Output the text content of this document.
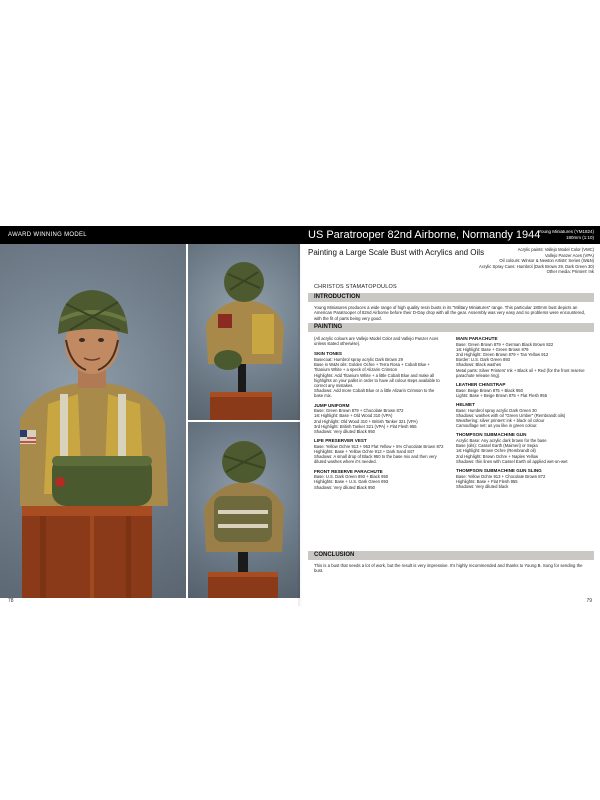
AWARD WINNING MODEL
78
US Paratrooper 82nd Airborne, Normandy 1944
Young Miniatures (YM1824)
180mm (1:10)
Painting a Large Scale Bust with Acrylics and Oils	Acrylic paints: Vallejo Model Color (VMC)
Vallejo Panzer Aces (VPA)
Oil colours: Winsor & Newton Artists' Series (W&N)
Acrylic Spray Cans: Humbrol (Dark Brown 29, Dark Green 30)
Other media: Printers' Ink
CHRISTOS STAMATOPOULOS
INTRODUCTION
Young Miniatures produces a wide range of high quality resin busts in its "Military Miniatures" range. This particular 180mm bust depicts an American Paratrooper of 82nd Airborne before their D-Day drop with all the gear. Assembly was very easy and no problems were encountered, with the fit of parts being very good.
PAINTING
(All acrylic colours are Vallejo Model Color and Vallejo Panzer Aces unless stated otherwise).
SKIN TONES
Basecoat: Humbrol spray acrylic Dark Brown 29
Base in W&N oils: Golden Ochre + Terra Rosa + Cobalt Blue + Titanium White + a speck of Alizarin Crimson
Highlights: Add Titanium White + a little Cobalt Blue and make all highlights on your pallet in order to have all colour steps available to correct any mistakes.
Shadows: Add more Cobalt Blue or a little Alizarin Crimson to the base mix.
JUMP UNIFORM
Base: Green Brown 879 + Chocolate Brown 872
1st Highlight: Base + Old Wood 310 (VPA)
2nd Highlight: Old Wood 310 + British Tanker 321 (VPA)
3rd Highlight: British Tanker 321 (VPA) + Flat Flesh 955
Shadows: Very diluted Black 950
LIFE PRESERVER VEST
Base: Yellow Ochre 913 + 953 Flat Yellow + 5% Chocolate Brown 872
Highlights: Base + Yellow Ochre 913 + Dark Sand 847
Shadows: A small drop of Black 950 to the base mix and then very diluted washes where it's needed.
FRONT RESERVE PARACHUTE
Base: U.S. Dark Green 893 + Black 950
Highlights: Base + U.S. Dark Green 893
Shadows: Very diluted Black 950
MAIN PARACHUTE
Base: Green Brown 879 + German Black Brown 822
1st Highlight: Base + Green Brown 879
2nd Highlight: Green Brown 879 + Tan Yellow 912
Border: U.S. Dark Green 893
Shadows: Black washes
Metal parts: Silver Printers' Ink + Black oil + Red (for the front reserve parachute release ring).
LEATHER CHINSTRAP
Base: Beige Brown 875 + Black 950
Lights: Base + Beige Brown 875 + Flat Flesh 955
HELMET
Base: Humbrol spray acrylic Dark Green 30
Shadows: washes with oil "Green Umber" (Rembrandt oils)
Weathering: silver printers' ink + black oil colour
Camouflage net: as you like in green colour.
THOMPSON SUBMACHINE GUN
Acrylic Base: Any acrylic dark brown for the base
Base (oils): Cassel Earth (Maimeri) or Sepia
1st Highlight: Brown Ochre (Rembrandt oil)
2nd Highlight: Brown Ochre + Naples Yellow
Shadows: thin lines with Cassel Earth oil applied wet-on-wet
THOMPSON SUBMACHINE GUN SLING
Base: Yellow Ochre 913 + Chocolate Brown 872
Highlights: Base + Flat Flesh 955
Shadows: Very diluted black
CONCLUSION
This is a bust that needs a lot of work, but the result is very impressive. It's highly recommended and thanks to Young B. Song for sending the bust.
79
